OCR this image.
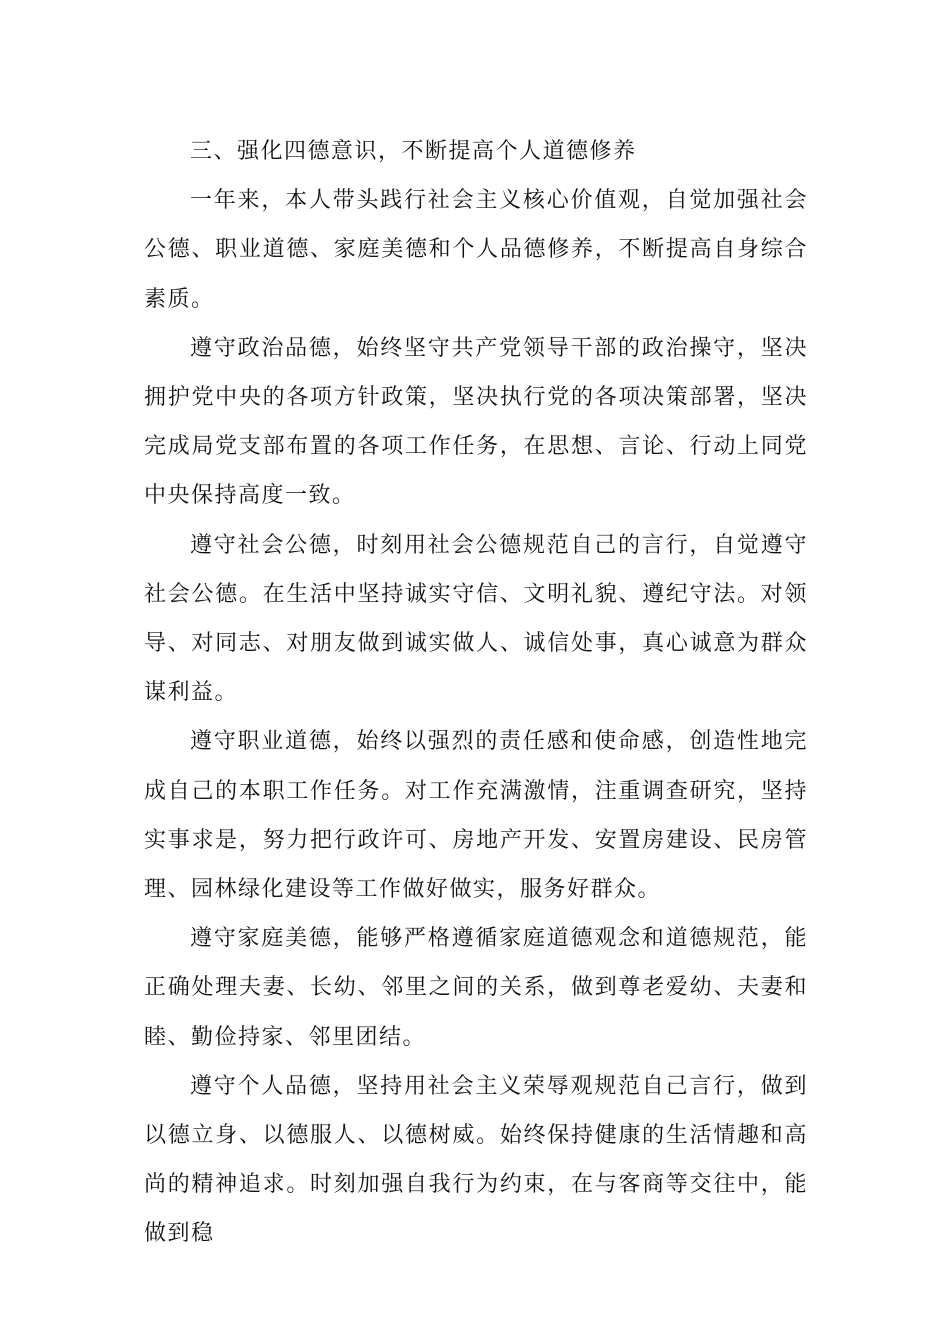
三、强化四德意识，不断提高个人道德修养

一年来，本人带头践行社会主义核心价值观，自觉加强社会公德、职业道德、家庭美德和个人品德修养，不断提高自身综合素质。

遵守政治品德，始终坚守共产党领导干部的政治操守，坚决拥护党中央的各项方针政策，坚决执行党的各项决策部署，坚决完成局党支部布置的各项工作任务，在思想、言论、行动上同党中央保持高度一致。

遵守社会公德，时刻用社会公德规范自己的言行，自觉遵守社会公德。在生活中坚持诚实守信、文明礼貌、遵纪守法。对领导、对同志、对朋友做到诚实做人、诚信处事，真心诚意为群众谋利益。

遵守职业道德，始终以强烈的责任感和使命感，创造性地完成自己的本职工作任务。对工作充满激情，注重调查研究，坚持实事求是，努力把行政许可、房地产开发、安置房建设、民房管理、园林绿化建设等工作做好做实，服务好群众。

遵守家庭美德，能够严格遵循家庭道德观念和道德规范，能正确处理夫妻、长幼、邻里之间的关系，做到尊老爱幼、夫妻和睦、勤俭持家、邻里团结。

遵守个人品德，坚持用社会主义荣辱观规范自己言行，做到以德立身、以德服人、以德树威。始终保持健康的生活情趣和高尚的精神追求。时刻加强自我行为约束，在与客商等交往中，能做到稳
